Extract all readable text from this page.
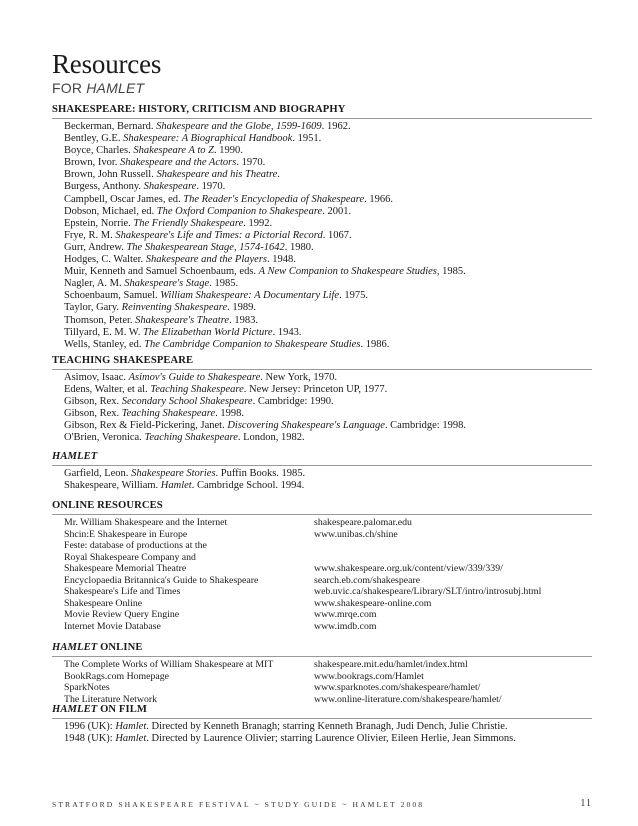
Resources
FOR HAMLET
SHAKESPEARE: HISTORY, CRITICISM AND BIOGRAPHY
Beckerman, Bernard. Shakespeare and the Globe, 1599-1609. 1962.
Bentley, G.E. Shakespeare: A Biographical Handbook. 1951.
Boyce, Charles. Shakespeare A to Z. 1990.
Brown, Ivor. Shakespeare and the Actors. 1970.
Brown, John Russell. Shakespeare and his Theatre.
Burgess, Anthony. Shakespeare. 1970.
Campbell, Oscar James, ed. The Reader's Encyclopedia of Shakespeare. 1966.
Dobson, Michael, ed. The Oxford Companion to Shakespeare. 2001.
Epstein, Norrie. The Friendly Shakespeare. 1992.
Frye, R. M. Shakespeare's Life and Times: a Pictorial Record. 1067.
Gurr, Andrew. The Shakespearean Stage, 1574-1642. 1980.
Hodges, C. Walter. Shakespeare and the Players. 1948.
Muir, Kenneth and Samuel Schoenbaum, eds. A New Companion to Shakespeare Studies, 1985.
Nagler, A. M. Shakespeare's Stage. 1985.
Schoenbaum, Samuel. William Shakespeare: A Documentary Life. 1975.
Taylor, Gary. Reinventing Shakespeare. 1989.
Thomson, Peter. Shakespeare's Theatre. 1983.
Tillyard, E. M. W. The Elizabethan World Picture. 1943.
Wells, Stanley, ed. The Cambridge Companion to Shakespeare Studies. 1986.
TEACHING SHAKESPEARE
Asimov, Isaac. Asimov's Guide to Shakespeare. New York, 1970.
Edens, Walter, et al. Teaching Shakespeare. New Jersey: Princeton UP, 1977.
Gibson, Rex. Secondary School Shakespeare. Cambridge: 1990.
Gibson, Rex. Teaching Shakespeare. 1998.
Gibson, Rex & Field-Pickering, Janet. Discovering Shakespeare's Language. Cambridge: 1998.
O'Brien, Veronica. Teaching Shakespeare. London, 1982.
HAMLET
Garfield, Leon. Shakespeare Stories. Puffin Books. 1985.
Shakespeare, William. Hamlet. Cambridge School. 1994.
ONLINE RESOURCES
Mr. William Shakespeare and the Internet	shakespeare.palomar.edu
Shcin:E Shakespeare in Europe	www.unibas.ch/shine
Feste: database of productions at the
Royal Shakespeare Company and
Shakespeare Memorial Theatre	www.shakespeare.org.uk/content/view/339/339/
Encyclopaedia Britannica's Guide to Shakespeare	search.eb.com/shakespeare
Shakespeare's Life and Times	web.uvic.ca/shakespeare/Library/SLT/intro/introsubj.html
Shakespeare Online	www.shakespeare-online.com
Movie Review Query Engine	www.mrqe.com
Internet Movie Database	www.imdb.com
HAMLET ONLINE
The Complete Works of William Shakespeare at MIT	shakespeare.mit.edu/hamlet/index.html
BookRags.com Homepage	www.bookrags.com/Hamlet
SparkNotes	www.sparknotes.com/shakespeare/hamlet/
The Literature Network	www.online-literature.com/shakespeare/hamlet/
HAMLET ON FILM
1996 (UK): Hamlet. Directed by Kenneth Branagh; starring Kenneth Branagh, Judi Dench, Julie Christie.
1948 (UK): Hamlet. Directed by Laurence Olivier; starring Laurence Olivier, Eileen Herlie, Jean Simmons.
STRATFORD SHAKESPEARE FESTIVAL ~ STUDY GUIDE ~ HAMLET 2008	11
